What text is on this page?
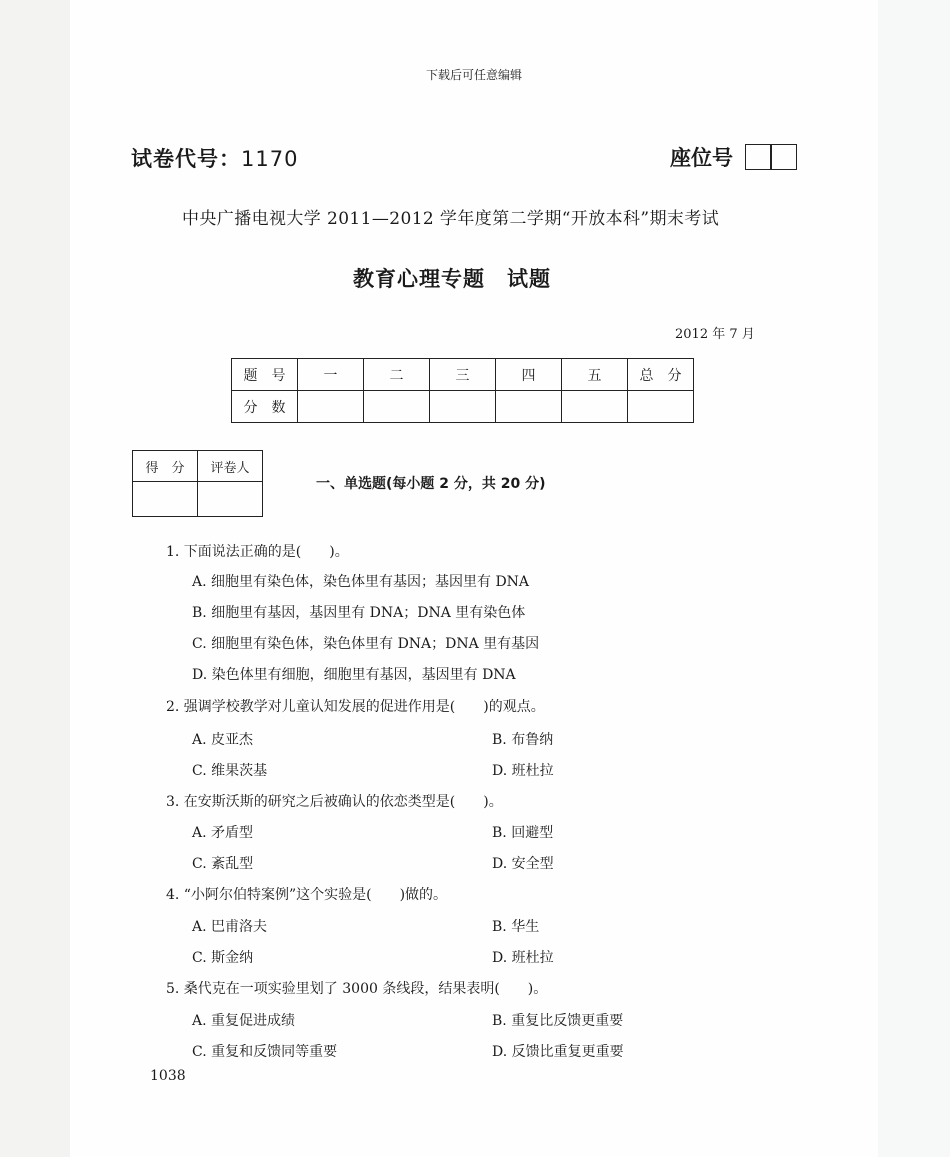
下载后可任意编辑
试卷代号：1170	座位号
中央广播电视大学 2011—2012 学年度第二学期“开放本科”期末考试
教育心理专题　试题
2012 年 7 月
题　号	一	二	三	四	五	总　分
分　数						
得　分	评卷人

一、单选题(每小题 2 分，共 20 分)
1. 下面说法正确的是(　　)。
A. 细胞里有染色体，染色体里有基因；基因里有 DNA
B. 细胞里有基因，基因里有 DNA；DNA 里有染色体
C. 细胞里有染色体，染色体里有 DNA；DNA 里有基因
D. 染色体里有细胞，细胞里有基因，基因里有 DNA
2. 强调学校教学对儿童认知发展的促进作用是(　　)的观点。
A. 皮亚杰	B. 布鲁纳
C. 维果茨基	D. 班杜拉
3. 在安斯沃斯的研究之后被确认的依恋类型是(　　)。
A. 矛盾型	B. 回避型
C. 紊乱型	D. 安全型
4. “小阿尔伯特案例”这个实验是(　　)做的。
A. 巴甫洛夫	B. 华生
C. 斯金纳	D. 班杜拉
5. 桑代克在一项实验里划了 3000 条线段，结果表明(　　)。
A. 重复促进成绩	B. 重复比反馈更重要
C. 重复和反馈同等重要	D. 反馈比重复更重要
1038
